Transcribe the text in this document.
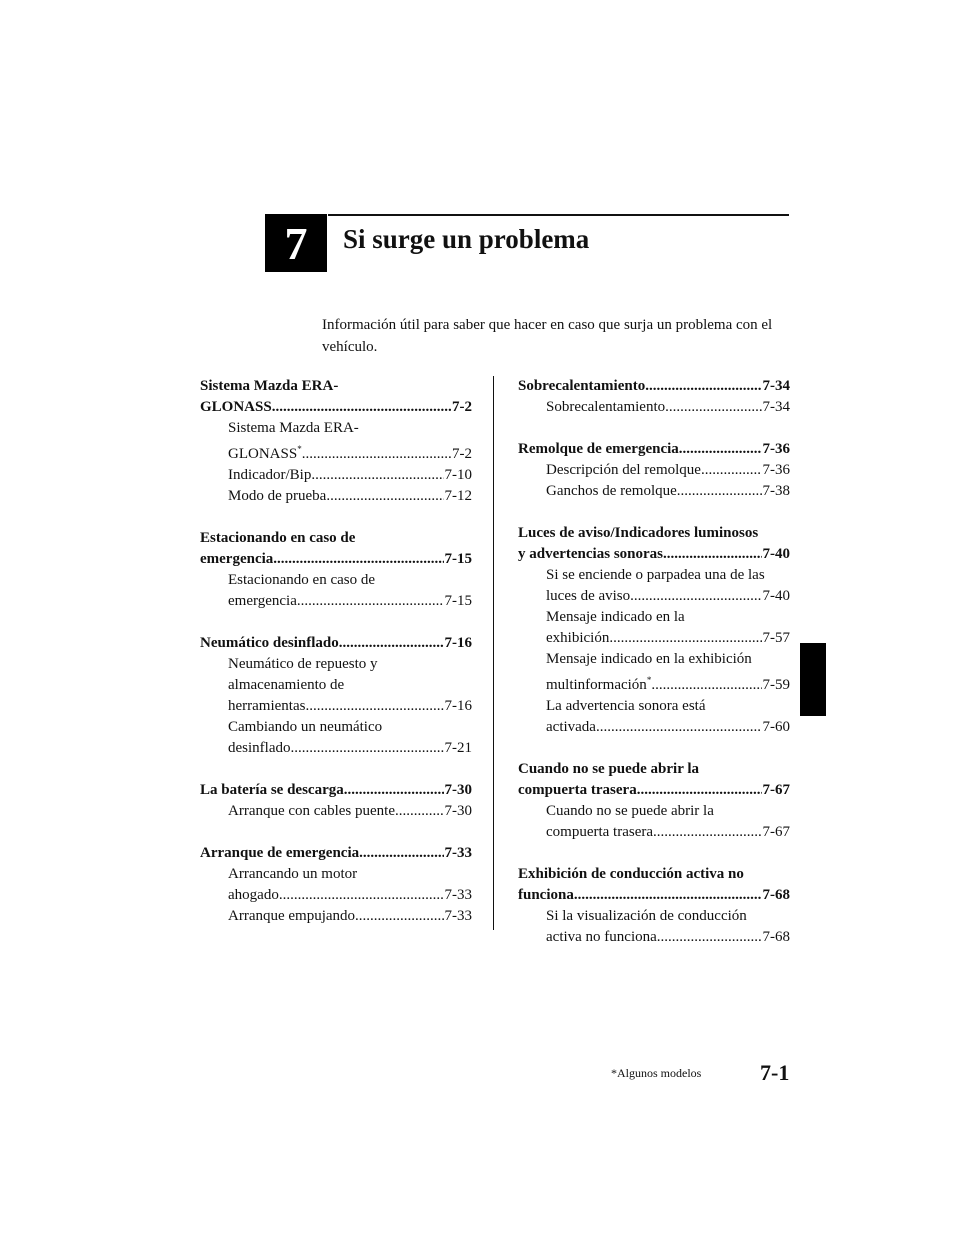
7 Si surge un problema
Información útil para saber que hacer en caso que surja un problema con el vehículo.
Sistema Mazda ERA-
GLONASS .....	7-2
Sistema Mazda ERA-
GLONASS* .....	7-2
Indicador/Bip .....	7-10
Modo de prueba .....	7-12
Estacionando en caso de
emergencia .....	7-15
Estacionando en caso de
emergencia .....	7-15
Neumático desinflado .....	7-16
Neumático de repuesto y
almacenamiento de
herramientas .....	7-16
Cambiando un neumático
desinflado .....	7-21
La batería se descarga .....	7-30
Arranque con cables puente .....	7-30
Arranque de emergencia .....	7-33
Arrancando un motor
ahogado .....	7-33
Arranque empujando .....	7-33
Sobrecalentamiento .....	7-34
Sobrecalentamiento .....	7-34
Remolque de emergencia .....	7-36
Descripción del remolque .....	7-36
Ganchos de remolque .....	7-38
Luces de aviso/Indicadores luminosos
y advertencias sonoras .....	7-40
Si se enciende o parpadea una de las
luces de aviso .....	7-40
Mensaje indicado en la
exhibición .....	7-57
Mensaje indicado en la exhibición
multinformación* .....	7-59
La advertencia sonora está
activada .....	7-60
Cuando no se puede abrir la
compuerta trasera .....	7-67
Cuando no se puede abrir la
compuerta trasera .....	7-67
Exhibición de conducción activa no
funciona .....	7-68
Si la visualización de conducción
activa no funciona .....	7-68
*Algunos modelos	7-1
